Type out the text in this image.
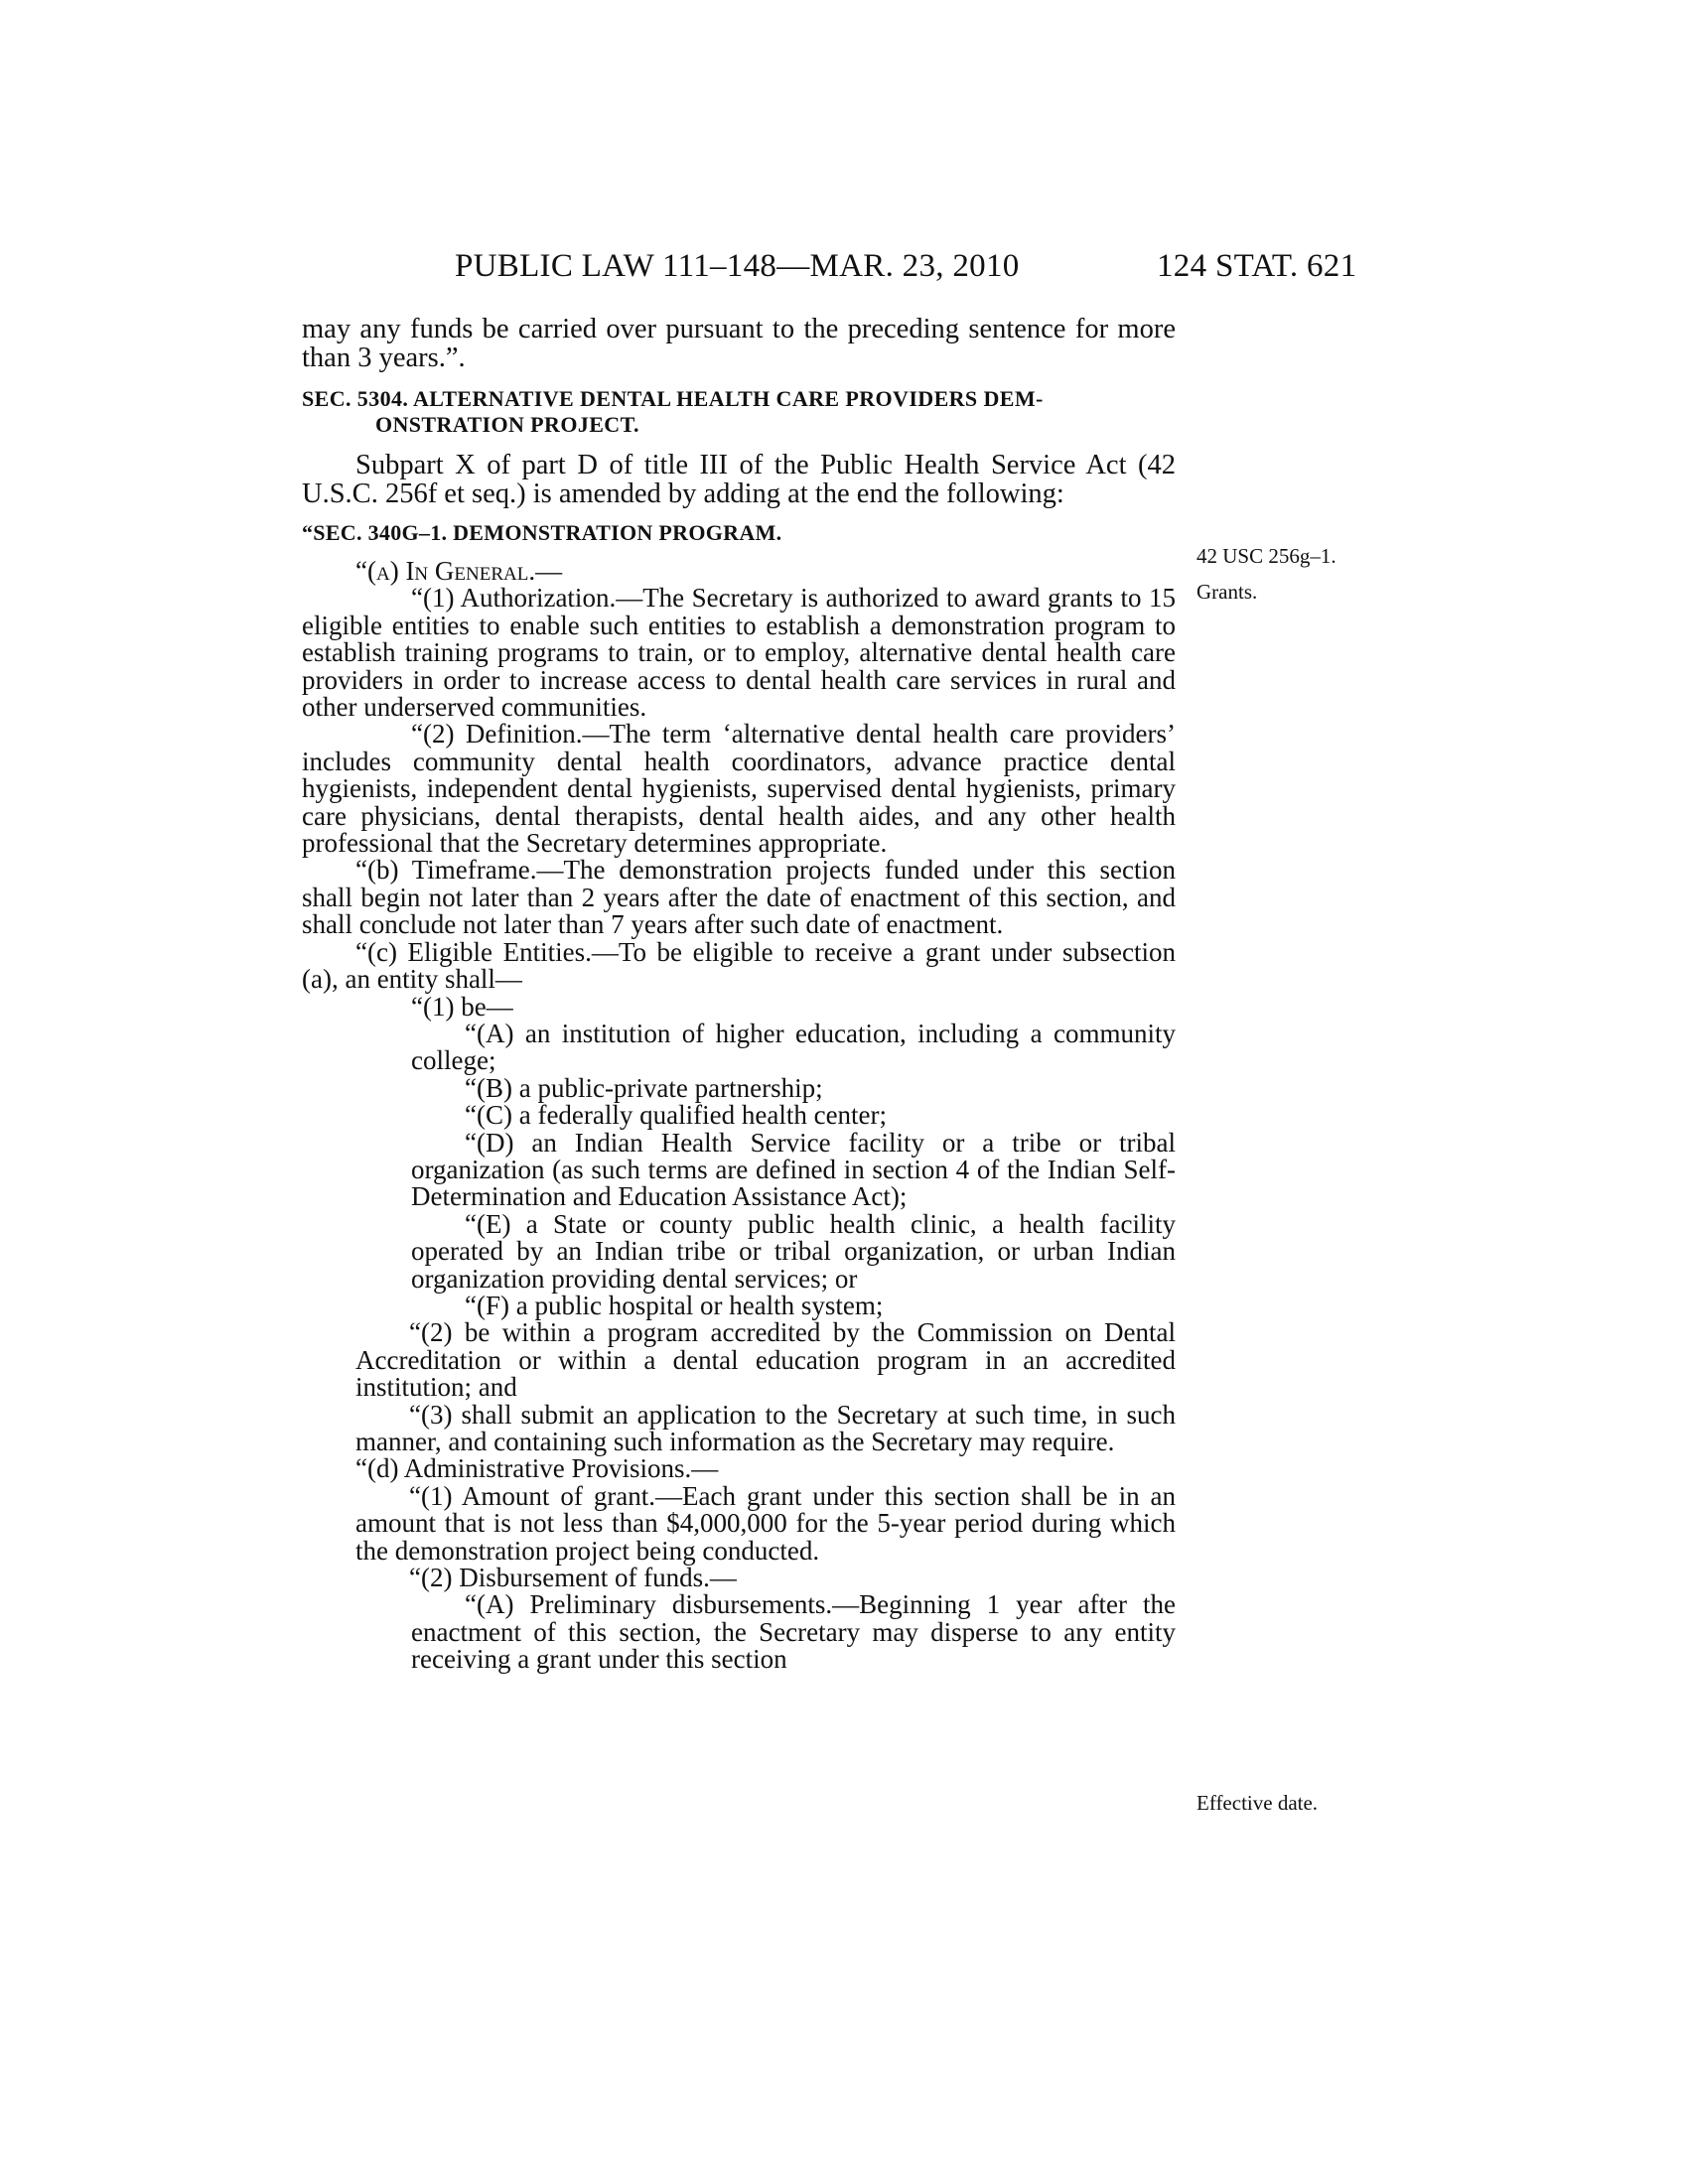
PUBLIC LAW 111–148—MAR. 23, 2010	124 STAT. 621
42 USC 256g–1.
Grants.
Effective date.

may any funds be carried over pursuant to the preceding sentence for more than 3 years.”.

SEC. 5304. ALTERNATIVE DENTAL HEALTH CARE PROVIDERS DEM-
ONSTRATION PROJECT.

Subpart X of part D of title III of the Public Health Service Act (42 U.S.C. 256f et seq.) is amended by adding at the end the following:

“SEC. 340G–1. DEMONSTRATION PROGRAM.

“(a) In General.—

“(1) Authorization.—The Secretary is authorized to award grants to 15 eligible entities to enable such entities to establish a demonstration program to establish training programs to train, or to employ, alternative dental health care providers in order to increase access to dental health care services in rural and other underserved communities.

“(2) Definition.—The term ‘alternative dental health care providers’ includes community dental health coordinators, advance practice dental hygienists, independent dental hygienists, supervised dental hygienists, primary care physicians, dental therapists, dental health aides, and any other health professional that the Secretary determines appropriate.

“(b) Timeframe.—The demonstration projects funded under this section shall begin not later than 2 years after the date of enactment of this section, and shall conclude not later than 7 years after such date of enactment.

“(c) Eligible Entities.—To be eligible to receive a grant under subsection (a), an entity shall—

“(1) be—

“(A) an institution of higher education, including a community college;

“(B) a public-private partnership;

“(C) a federally qualified health center;

“(D) an Indian Health Service facility or a tribe or tribal organization (as such terms are defined in section 4 of the Indian Self-Determination and Education Assistance Act);

“(E) a State or county public health clinic, a health facility operated by an Indian tribe or tribal organization, or urban Indian organization providing dental services; or

“(F) a public hospital or health system;

“(2) be within a program accredited by the Commission on Dental Accreditation or within a dental education program in an accredited institution; and

“(3) shall submit an application to the Secretary at such time, in such manner, and containing such information as the Secretary may require.

“(d) Administrative Provisions.—

“(1) Amount of grant.—Each grant under this section shall be in an amount that is not less than $4,000,000 for the 5-year period during which the demonstration project being conducted.

“(2) Disbursement of funds.—

“(A) Preliminary disbursements.—Beginning 1 year after the enactment of this section, the Secretary may disperse to any entity receiving a grant under this section
